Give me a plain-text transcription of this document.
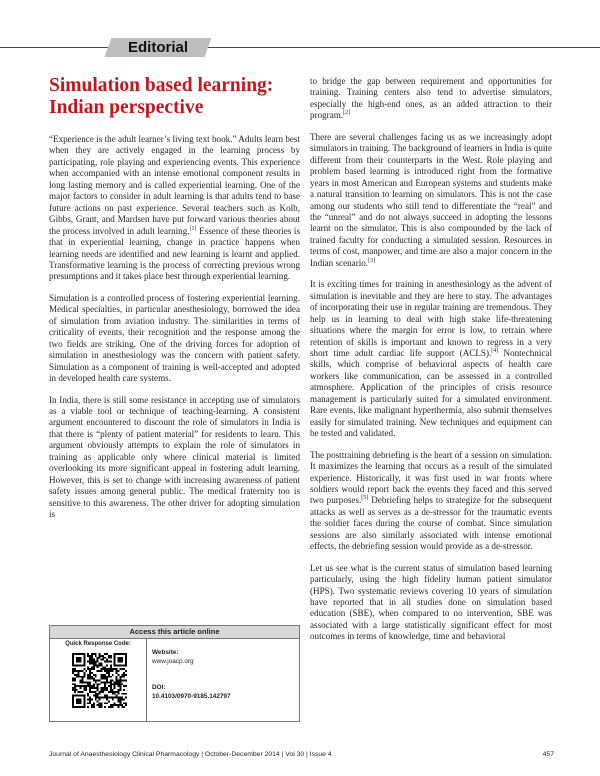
Editorial
Simulation based learning: Indian perspective

“Experience is the adult learner’s living text book.” Adults learn best when they are actively engaged in the learning process by participating, role playing and experiencing events. This experience when accompanied with an intense emotional component results in long lasting memory and is called experiential learning. One of the major factors to consider in adult learning is that adults tend to base future actions on past experience. Several teachers such as Kolb, Gibbs, Grant, and Mardsen have put forward various theories about the process involved in adult learning.[1] Essence of these theories is that in experiential learning, change in practice happens when learning needs are identified and new learning is learnt and applied. Transformative learning is the process of correcting previous wrong presumptions and it takes place best through experiential learning.

Simulation is a controlled process of fostering experiential learning. Medical specialties, in particular anesthesiology, borrowed the idea of simulation from aviation industry. The similarities in terms of criticality of events, their recognition and the response among the two fields are striking. One of the driving forces for adoption of simulation in anesthesiology was the concern with patient safety. Simulation as a component of training is well-accepted and adopted in developed health care systems.

In India, there is still some resistance in accepting use of simulators as a viable tool or technique of teaching-learning. A consistent argument encountered to discount the role of simulators in India is that there is “plenty of patient material” for residents to learn. This argument obviously attempts to explain the role of simulators in training as applicable only where clinical material is limited overlooking its more significant appeal in fostering adult learning. However, this is set to change with increasing awareness of patient safety issues among general public. The medical fraternity too is sensitive to this awareness. The other driver for adopting simulation is

to bridge the gap between requirement and opportunities for training. Training centers also tend to advertise simulators, especially the high-end ones, as an added attraction to their program.[2]

There are several challenges facing us as we increasingly adopt simulators in training. The background of learners in India is quite different from their counterparts in the West. Role playing and problem based learning is introduced right from the formative years in most American and European systems and students make a natural transition to learning on simulators. This is not the case among our students who still tend to differentiate the “real” and the “unreal” and do not always succeed in adopting the lessons learnt on the simulator. This is also compounded by the lack of trained faculty for conducting a simulated session. Resources in terms of cost, manpower, and time are also a major concern in the Indian scenario.[3]

It is exciting times for training in anesthesiology as the advent of simulation is inevitable and they are here to stay. The advantages of incorporating their use in regular training are tremendous. They help us in learning to deal with high stake life-threatening situations where the margin for error is low, to retrain where retention of skills is important and known to regress in a very short time adult cardiac life support (ACLS).[4] Nontechnical skills, which comprise of behavioral aspects of health care workers like communication, can be assessed in a controlled atmosphere. Application of the principles of crisis resource management is particularly suited for a simulated environment. Rare events, like malignant hyperthermia, also submit themselves easily for simulated training. New techniques and equipment can be tested and validated.

The posttraining debriefing is the heart of a session on simulation. It maximizes the learning that occurs as a result of the simulated experience. Historically, it was first used in war fronts where soldiers would report back the events they faced and this served two purposes.[5] Debriefing helps to strategize for the subsequent attacks as well as serves as a de-stressor for the traumatic events the soldier faces during the course of combat. Since simulation sessions are also similarly associated with intense emotional effects, the debriefing session would provide as a de-stressor.

Let us see what is the current status of simulation based learning particularly, using the high fidelity human patient simulator (HPS). Two systematic reviews covering 10 years of simulation have reported that in all studies done on simulation based education (SBE), when compared to no intervention, SBE was associated with a large statistically significant effect for most outcomes in terms of knowledge, time and behavioral

Access this article online
Quick Response Code:
Website:
www.joacp.org
DOI:
10.4103/0970-9185.142797
Journal of Anaesthesiology Clinical Pharmacology | October-December 2014 | Vol 30 | Issue 4	457
